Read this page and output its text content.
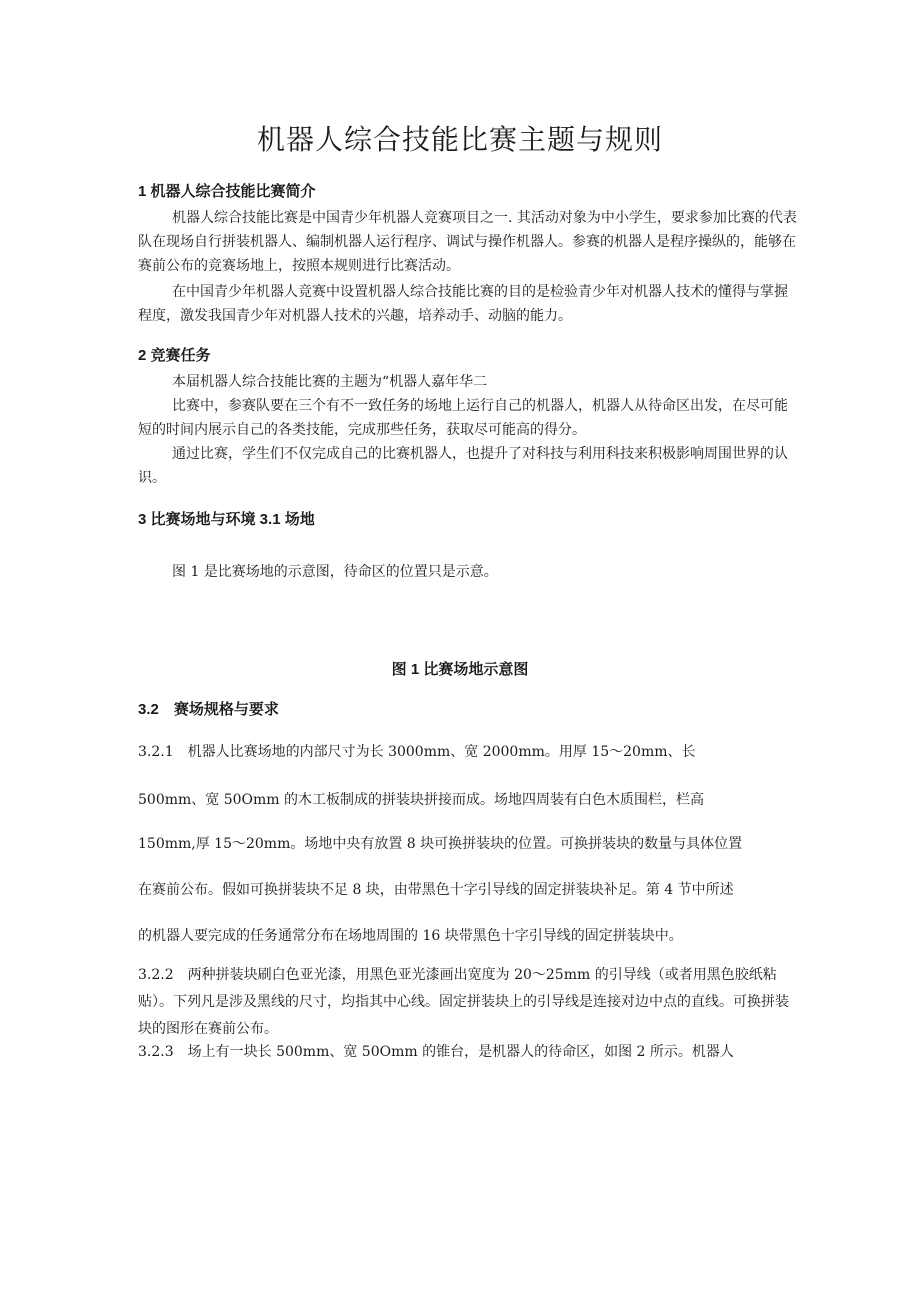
机器人综合技能比赛主题与规则
1 机器人综合技能比赛简介
机器人综合技能比赛是中国青少年机器人竞赛项目之一. 其活动对象为中小学生，要求参加比赛的代表队在现场自行拼装机器人、编制机器人运行程序、调试与操作机器人。参赛的机器人是程序操纵的，能够在赛前公布的竞赛场地上，按照本规则进行比赛活动。
在中国青少年机器人竞赛中设置机器人综合技能比赛的目的是检验青少年对机器人技术的懂得与掌握程度，激发我国青少年对机器人技术的兴趣，培养动手、动脑的能力。
2 竞赛任务
本届机器人综合技能比赛的主题为“机器人嘉年华二
比赛中，参赛队要在三个有不一致任务的场地上运行自己的机器人，机器人从待命区出发，在尽可能短的时间内展示自己的各类技能，完成那些任务，获取尽可能高的得分。
通过比赛，学生们不仅完成自己的比赛机器人，也提升了对科技与利用科技来积极影响周围世界的认识。
3 比赛场地与环境 3.1 场地
图 1 是比赛场地的示意图，待命区的位置只是示意。
图 1 比赛场地示意图
3.2　赛场规格与要求
3.2.1　机器人比赛场地的内部尺寸为长 3000mm、宽 2000mm。用厚 15～20mm、长
500mm、宽 50Omm 的木工板制成的拼装块拼接而成。场地四周装有白色木质围栏，栏高
150mm,厚 15～20mm。场地中央有放置 8 块可换拼装块的位置。可换拼装块的数量与具体位置
在赛前公布。假如可换拼装块不足 8 块，由带黑色十字引导线的固定拼装块补足。第 4 节中所述
的机器人要完成的任务通常分布在场地周围的 16 块带黑色十字引导线的固定拼装块中。
3.2.2　两种拼装块刷白色亚光漆，用黑色亚光漆画出宽度为 20～25mm 的引导线（或者用黑色胶纸粘贴）。下列凡是涉及黑线的尺寸，均指其中心线。固定拼装块上的引导线是连接对边中点的直线。可换拼装块的图形在赛前公布。
3.2.3　场上有一块长 500mm、宽 50Omm 的锥台，是机器人的待命区，如图 2 所示。机器人
